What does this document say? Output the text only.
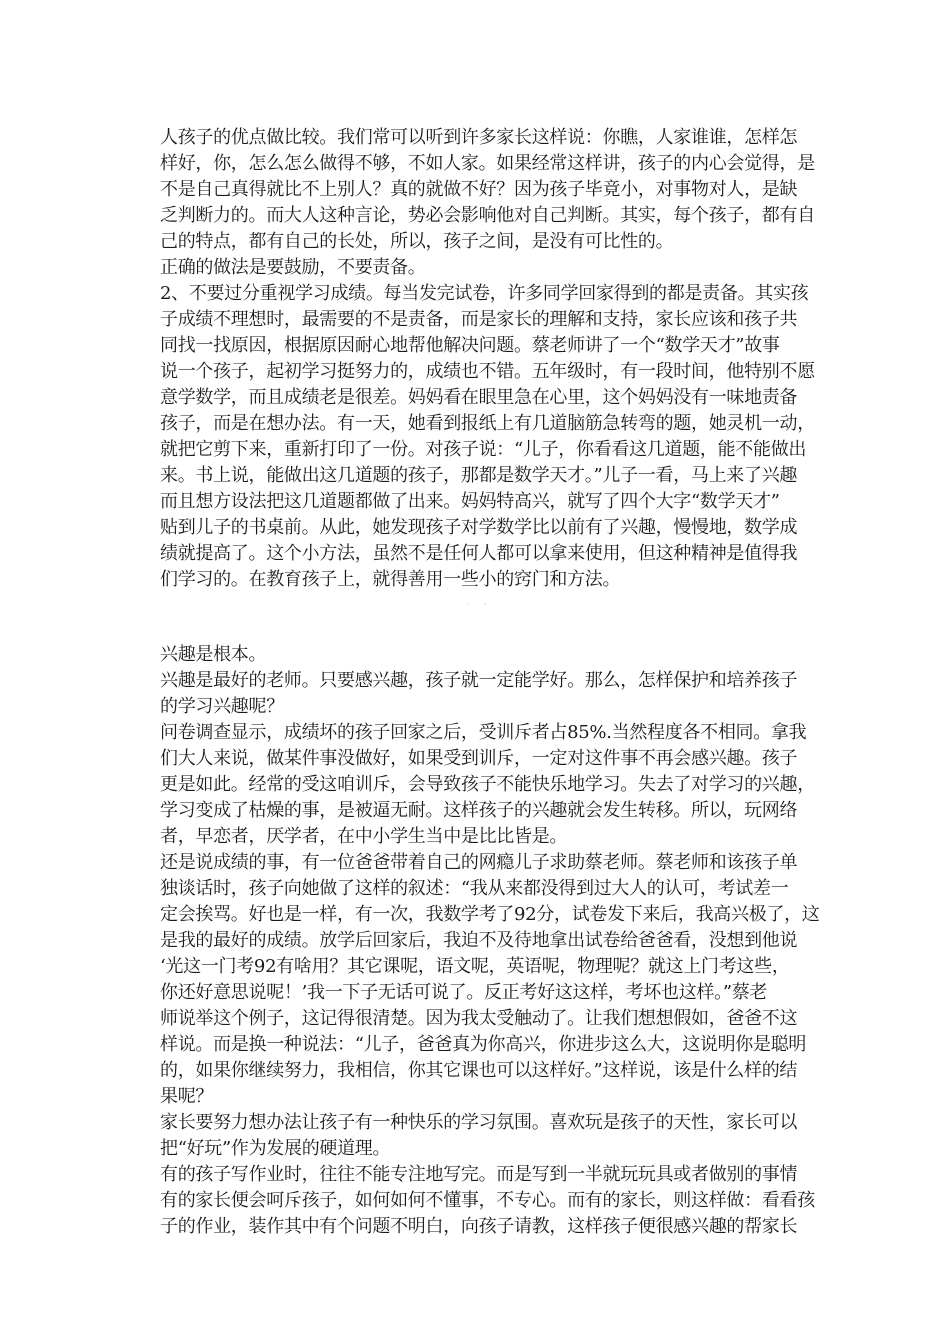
人孩子的优点做比较。我们常可以听到许多家长这样说：你瞧，人家谁谁，怎样怎
样好，你，怎么怎么做得不够，不如人家。如果经常这样讲，孩子的内心会觉得，是
不是自己真得就比不上别人？真的就做不好？因为孩子毕竟小，对事物对人，是缺
乏判断力的。而大人这种言论，势必会影响他对自己判断。其实，每个孩子，都有自
己的特点，都有自己的长处，所以，孩子之间，是没有可比性的。
正确的做法是要鼓励，不要责备。
2、不要过分重视学习成绩。每当发完试卷，许多同学回家得到的都是责备。其实孩
子成绩不理想时，最需要的不是责备，而是家长的理解和支持，家长应该和孩子共
同找一找原因，根据原因耐心地帮他解决问题。蔡老师讲了一个“数学天才”故事
说一个孩子，起初学习挺努力的，成绩也不错。五年级时，有一段时间，他特别不愿
意学数学，而且成绩老是很差。妈妈看在眼里急在心里，这个妈妈没有一味地责备
孩子，而是在想办法。有一天，她看到报纸上有几道脑筋急转弯的题，她灵机一动，
就把它剪下来，重新打印了一份。对孩子说：“儿子，你看看这几道题，能不能做出
来。书上说，能做出这几道题的孩子，那都是数学天才。”儿子一看，马上来了兴趣
而且想方设法把这几道题都做了出来。妈妈特高兴，就写了四个大字“数学天才”
贴到儿子的书桌前。从此，她发现孩子对学数学比以前有了兴趣，慢慢地，数学成
绩就提高了。这个小方法，虽然不是任何人都可以拿来使用，但这种精神是值得我
们学习的。在教育孩子上，就得善用一些小的窍门和方法。
· ·
兴趣是根本。
兴趣是最好的老师。只要感兴趣，孩子就一定能学好。那么，怎样保护和培养孩子
的学习兴趣呢？
问卷调查显示，成绩坏的孩子回家之后，受训斥者占85%.当然程度各不相同。拿我
们大人来说，做某件事没做好，如果受到训斥，一定对这件事不再会感兴趣。孩子
更是如此。经常的受这咱训斥，会导致孩子不能快乐地学习。失去了对学习的兴趣，
学习变成了枯燥的事，是被逼无耐。这样孩子的兴趣就会发生转移。所以，玩网络
者，早恋者，厌学者，在中小学生当中是比比皆是。
还是说成绩的事，有一位爸爸带着自己的网瘾儿子求助蔡老师。蔡老师和该孩子单
独谈话时，孩子向她做了这样的叙述：“我从来都没得到过大人的认可，考试差一
定会挨骂。好也是一样，有一次，我数学考了92分，试卷发下来后，我高兴极了，这
是我的最好的成绩。放学后回家后，我迫不及待地拿出试卷给爸爸看，没想到他说
‘光这一门考92有啥用？其它课呢，语文呢，英语呢，物理呢？就这上门考这些，
你还好意思说呢！’我一下子无话可说了。反正考好这这样，考坏也这样。”蔡老
师说举这个例子，这记得很清楚。因为我太受触动了。让我们想想假如，爸爸不这
样说。而是换一种说法：“儿子，爸爸真为你高兴，你进步这么大，这说明你是聪明
的，如果你继续努力，我相信，你其它课也可以这样好。”这样说，该是什么样的结
果呢？
家长要努力想办法让孩子有一种快乐的学习氛围。喜欢玩是孩子的天性，家长可以
把“好玩”作为发展的硬道理。
有的孩子写作业时，往往不能专注地写完。而是写到一半就玩玩具或者做别的事情
有的家长便会呵斥孩子，如何如何不懂事，不专心。而有的家长，则这样做：看看孩
子的作业，装作其中有个问题不明白，向孩子请教，这样孩子便很感兴趣的帮家长
